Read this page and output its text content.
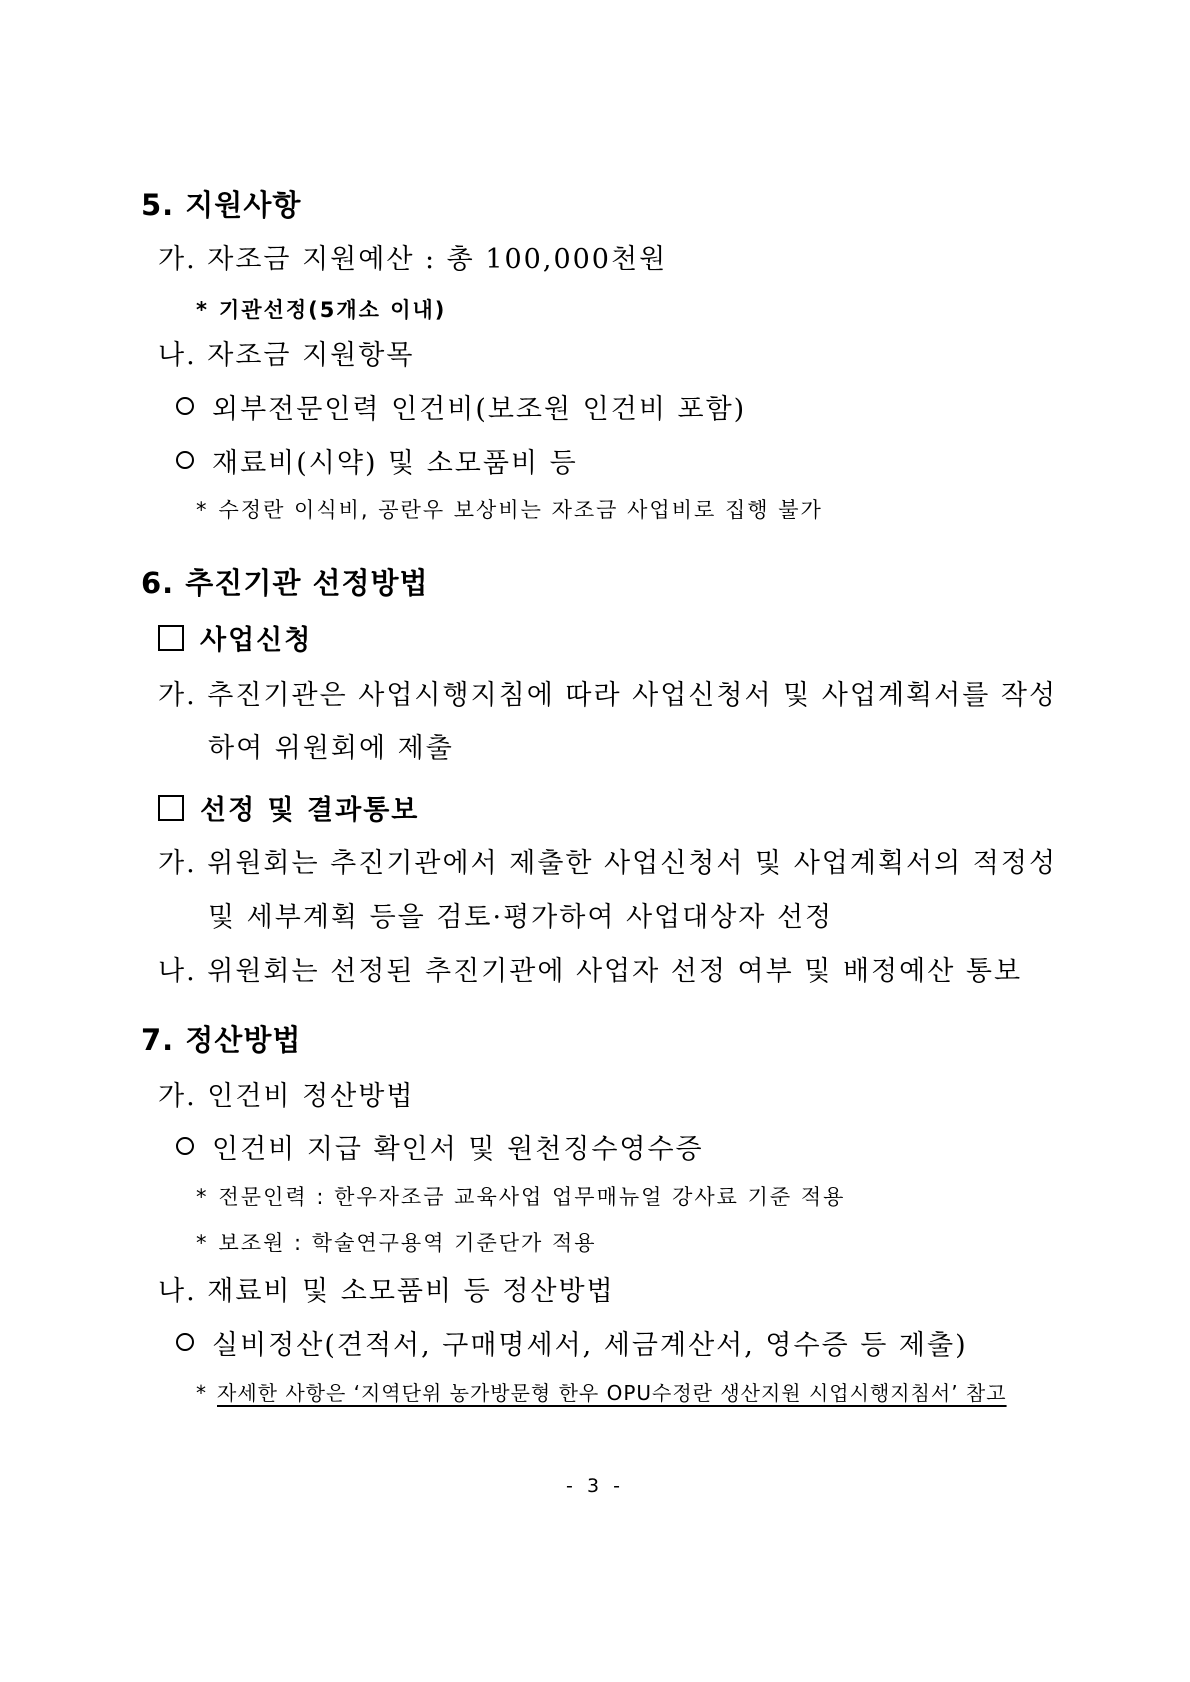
5. 지원사항
가. 자조금 지원예산 : 총 100,000천원
* 기관선정(5개소 이내)
나. 자조금 지원항목
외부전문인력 인건비(보조원 인건비 포함)
재료비(시약) 및 소모품비 등
* 수정란 이식비, 공란우 보상비는 자조금 사업비로 집행 불가
6. 추진기관 선정방법
사업신청
가. 추진기관은 사업시행지침에 따라 사업신청서 및 사업계획서를 작성
하여 위원회에 제출
선정 및 결과통보
가. 위원회는 추진기관에서 제출한 사업신청서 및 사업계획서의 적정성
및 세부계획 등을 검토·평가하여 사업대상자 선정
나. 위원회는 선정된 추진기관에 사업자 선정 여부 및 배정예산 통보
7. 정산방법
가. 인건비 정산방법
인건비 지급 확인서 및 원천징수영수증
* 전문인력 : 한우자조금 교육사업 업무매뉴얼 강사료 기준 적용
* 보조원 : 학술연구용역 기준단가 적용
나. 재료비 및 소모품비 등 정산방법
실비정산(견적서, 구매명세서, 세금계산서, 영수증 등 제출)
* 자세한 사항은 ‘지역단위 농가방문형 한우 OPU수정란 생산지원 시업시행지침서’ 참고
- 3 -
